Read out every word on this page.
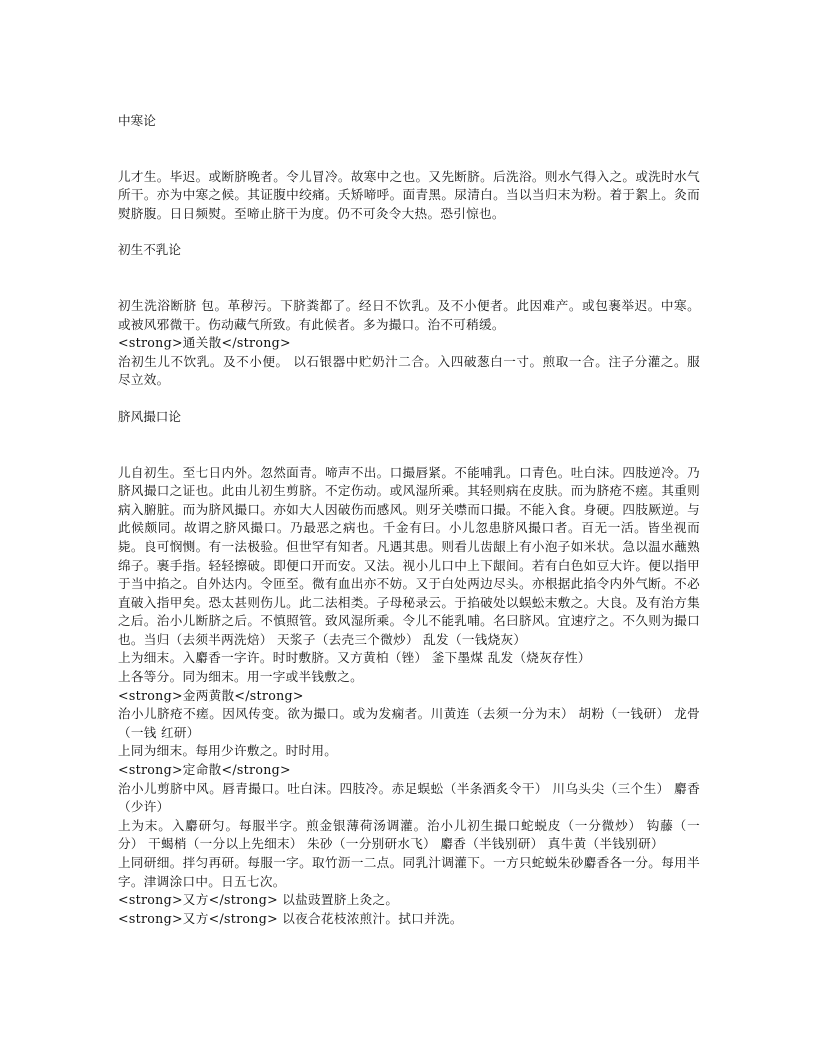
中寒论

儿才生。毕迟。或断脐晚者。令儿冒冷。故寒中之也。又先断脐。后洗浴。则水气得入之。或洗时水气所干。亦为中寒之候。其证腹中绞痛。夭矫啼呼。面青黑。尿清白。当以当归末为粉。着于絮上。灸而熨脐腹。日日频熨。至啼止脐干为度。仍不可灸令大热。恐引惊也。

初生不乳论

初生洗浴断脐 包。革秽污。下脐粪都了。经日不饮乳。及不小便者。此因难产。或包裹举迟。中寒。或被风邪微干。伤动藏气所致。有此候者。多为撮口。治不可稍缓。

<strong>通关散</strong>

治初生儿不饮乳。及不小便。 以石银器中贮奶汁二合。入四破葱白一寸。煎取一合。注子分灌之。服尽立效。

脐风撮口论

儿自初生。至七日内外。忽然面青。啼声不出。口撮唇紧。不能哺乳。口青色。吐白沫。四肢逆冷。乃脐风撮口之证也。此由儿初生剪脐。不定伤动。或风湿所乘。其轻则病在皮肤。而为脐疮不瘥。其重则病入腑脏。而为脐风撮口。亦如大人因破伤而感风。则牙关噤而口撮。不能入食。身硬。四肢厥逆。与此候颇同。故谓之脐风撮口。乃最恶之病也。千金有曰。小儿忽患脐风撮口者。百无一活。皆坐视而毙。良可悯恻。有一法极验。但世罕有知者。凡遇其患。则看儿齿龈上有小泡子如米状。急以温水蘸熟绵子。裹手指。轻轻擦破。即便口开而安。又法。视小儿口中上下龈间。若有白色如豆大许。便以指甲于当中掐之。自外达内。令匝至。微有血出亦不妨。又于白处两边尽头。亦根据此掐令内外气断。不必直破入指甲矣。恐太甚则伤儿。此二法相类。子母秘录云。于掐破处以蜈蚣末敷之。大良。及有治方集之后。治小儿断脐之后。不慎照管。致风湿所乘。令儿不能乳哺。名曰脐风。宜速疗之。不久则为撮口也。当归（去须半两洗焙） 天浆子（去壳三个微炒） 乱发（一钱烧灰）

上为细末。入麝香一字许。时时敷脐。又方黄柏（锉） 釜下墨煤 乱发（烧灰存性）

上各等分。同为细末。用一字或半钱敷之。

<strong>金两黄散</strong>

治小儿脐疮不瘥。因风传变。欲为撮口。或为发痫者。川黄连（去须一分为末） 胡粉（一钱研） 龙骨（一钱 红研）

上同为细末。每用少许敷之。时时用。

<strong>定命散</strong>

治小儿剪脐中风。唇青撮口。吐白沫。四肢冷。赤足蜈蚣（半条酒炙令干） 川乌头尖（三个生） 麝香（少许）

上为末。入麝研匀。每服半字。煎金银薄荷汤调灌。治小儿初生撮口蛇蜕皮（一分微炒） 钩藤（一分） 干蝎梢（一分以上先细末） 朱砂（一分别研水飞） 麝香（半钱别研） 真牛黄（半钱别研）

上同研细。拌匀再研。每服一字。取竹沥一二点。同乳汁调灌下。一方只蛇蜕朱砂麝香各一分。每用半字。津调涂口中。日五七次。

<strong>又方</strong> 以盐豉置脐上灸之。

<strong>又方</strong> 以夜合花枝浓煎汁。拭口并洗。
